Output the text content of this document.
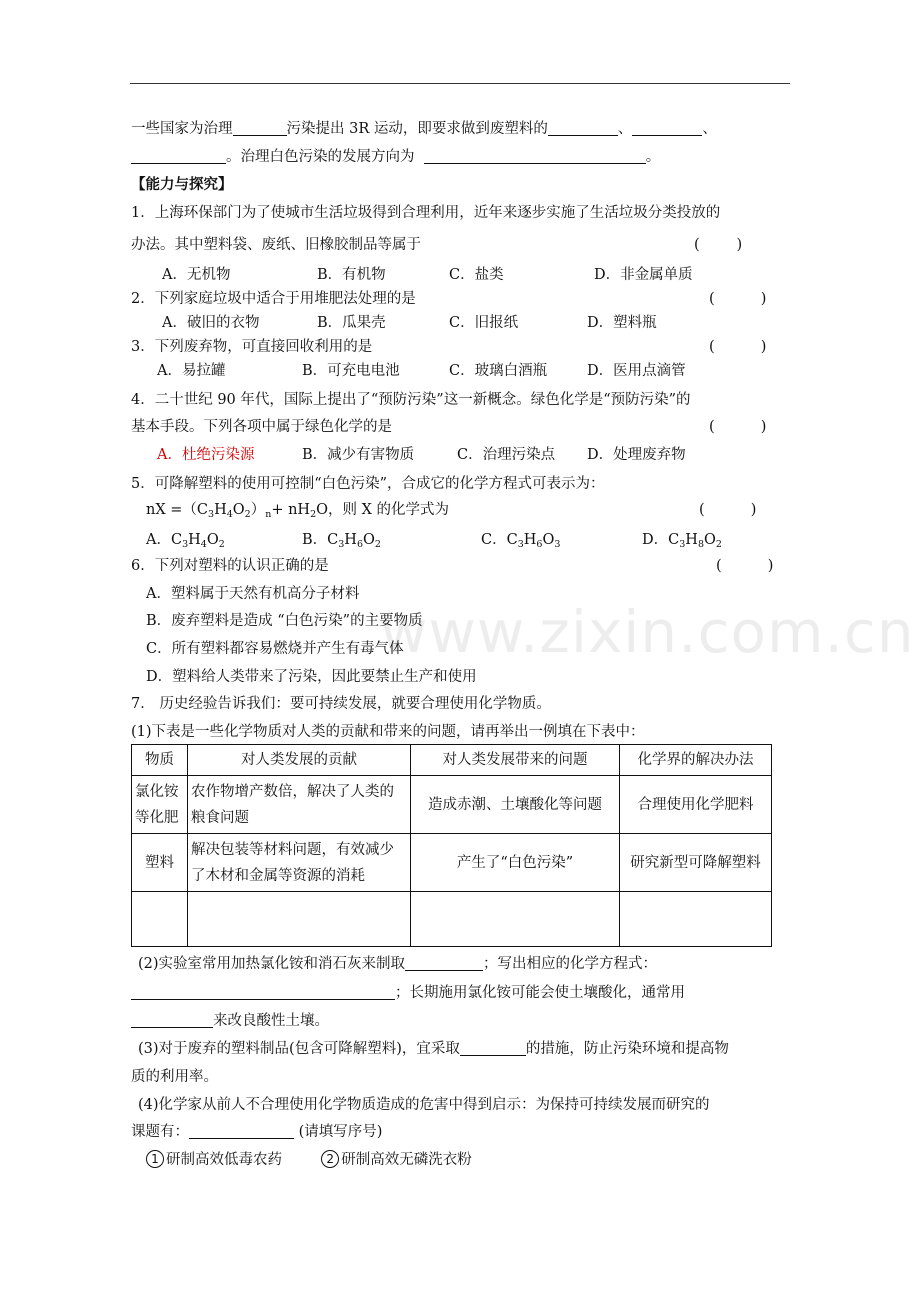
www.zixin.com.cn
一些国家为治理	污染提出 3R 运动，即要求做到废塑料的	、	、
。治理白色污染的发展方向为	。
【能力与探究】
1．上海环保部门为了使城市生活垃圾得到合理利用，近年来逐步实施了生活垃圾分类投放的
办法。其中塑料袋、废纸、旧橡胶制品等属于	(        )
A．无机物	B．有机物	C．盐类	D．非金属单质
2．下列家庭垃圾中适合于用堆肥法处理的是	(          )
A．破旧的衣物	B．瓜果壳	C．旧报纸	D．塑料瓶
3．下列废弃物，可直接回收利用的是	(          )
A．易拉罐	B．可充电电池	C．玻璃白酒瓶	D．医用点滴管
4．二十世纪 90 年代，国际上提出了“预防污染”这一新概念。绿色化学是“预防污染”的
基本手段。下列各项中属于绿色化学的是	(          )
A．杜绝污染源	B．减少有害物质	C．治理污染点 D．处理废弃物
5．可降解塑料的使用可控制“白色污染”，合成它的化学方程式可表示为：
nX $=(C_3H_4O_2)_n+ nH_2O$，则 X 的化学式为	(          )
A．$C_3H_4O_2$	B．$C_3H_6O_2$	C．$C_3H_6O_3$	D．$C_3H_8O_2$
6．下列对塑料的认识正确的是	(          )
A．塑料属于天然有机高分子材料
B．废弃塑料是造成 “白色污染”的主要物质
C．所有塑料都容易燃烧并产生有毒气体
D．塑料给人类带来了污染，因此要禁止生产和使用
7． 历史经验告诉我们：要可持续发展，就要合理使用化学物质。
(1)下表是一些化学物质对人类的贡献和带来的问题，请再举出一例填在下表中：
物质	对人类发展的贡献	对人类发展带来的问题	化学界的解决办法
氯化铵等化肥	农作物增产数倍，解决了人类的粮食问题	造成赤潮、土壤酸化等问题	合理使用化学肥料
塑料	解决包装等材料问题，有效减少了木材和金属等资源的消耗	产生了“白色污染”	研究新型可降解塑料

(2)实验室常用加热氯化铵和消石灰来制取	；写出相应的化学方程式：
；长期施用氯化铵可能会使土壤酸化，通常用
来改良酸性土壤。
(3)对于废弃的塑料制品(包含可降解塑料)，宜采取	的措施，防止污染环境和提高物
质的利用率。
(4)化学家从前人不合理使用化学物质造成的危害中得到启示：为保持可持续发展而研究的
课题有：	(请填写序号)
1 研制高效低毒农药	2 研制高效无磷洗衣粉
